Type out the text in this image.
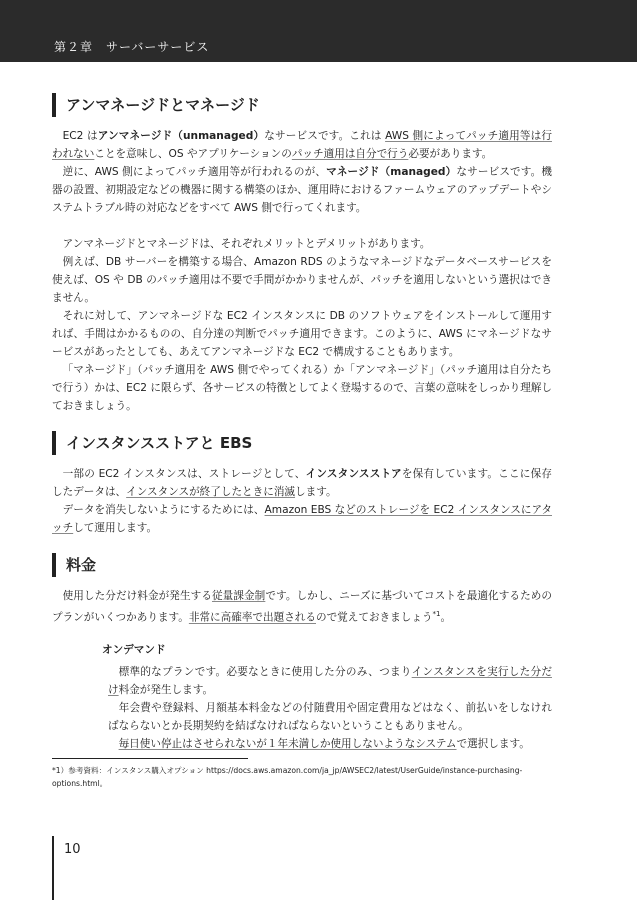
第２章　サーバーサービス
アンマネージドとマネージド

EC2 はアンマネージド（unmanaged）なサービスです。これは AWS 側によってパッチ適用等は行われないことを意味し、OS やアプリケーションのパッチ適用は自分で行う必要があります。

逆に、AWS 側によってパッチ適用等が行われるのが、マネージド（managed）なサービスです。機器の設置、初期設定などの機器に関する構築のほか、運用時におけるファームウェアのアップデートやシステムトラブル時の対応などをすべて AWS 側で行ってくれます。

アンマネージドとマネージドは、それぞれメリットとデメリットがあります。

例えば、DB サーバーを構築する場合、Amazon RDS のようなマネージドなデータベースサービスを使えば、OS や DB のパッチ適用は不要で手間がかかりませんが、パッチを適用しないという選択はできません。

それに対して、アンマネージドな EC2 インスタンスに DB のソフトウェアをインストールして運用すれば、手間はかかるものの、自分達の判断でパッチ適用できます。このように、AWS にマネージドなサービスがあったとしても、あえてアンマネージドな EC2 で構成することもあります。

「マネージド」（パッチ適用を AWS 側でやってくれる）か「アンマネージド」（パッチ適用は自分たちで行う）かは、EC2 に限らず、各サービスの特徴としてよく登場するので、言葉の意味をしっかり理解しておきましょう。

インスタンスストアと EBS

一部の EC2 インスタンスは、ストレージとして、インスタンスストアを保有しています。ここに保存したデータは、インスタンスが終了したときに消滅します。

データを消失しないようにするためには、Amazon EBS などのストレージを EC2 インスタンスにアタッチして運用します。

料金

使用した分だけ料金が発生する従量課金制です。しかし、ニーズに基づいてコストを最適化するためのプランがいくつかあります。非常に高確率で出題されるので覚えておきましょう$^{*1}$。

オンデマンド

標準的なプランです。必要なときに使用した分のみ、つまりインスタンスを実行した分だけ料金が発生します。

年会費や登録料、月額基本料金などの付随費用や固定費用などはなく、前払いをしなければならないとか長期契約を結ばなければならないということもありません。

毎日使い停止はさせられないが１年未満しか使用しないようなシステムで選択します。

*1）参考資料：インスタンス購入オプション https://docs.aws.amazon.com/ja_jp/AWSEC2/latest/UserGuide/instance-purchasing-options.html。
10
